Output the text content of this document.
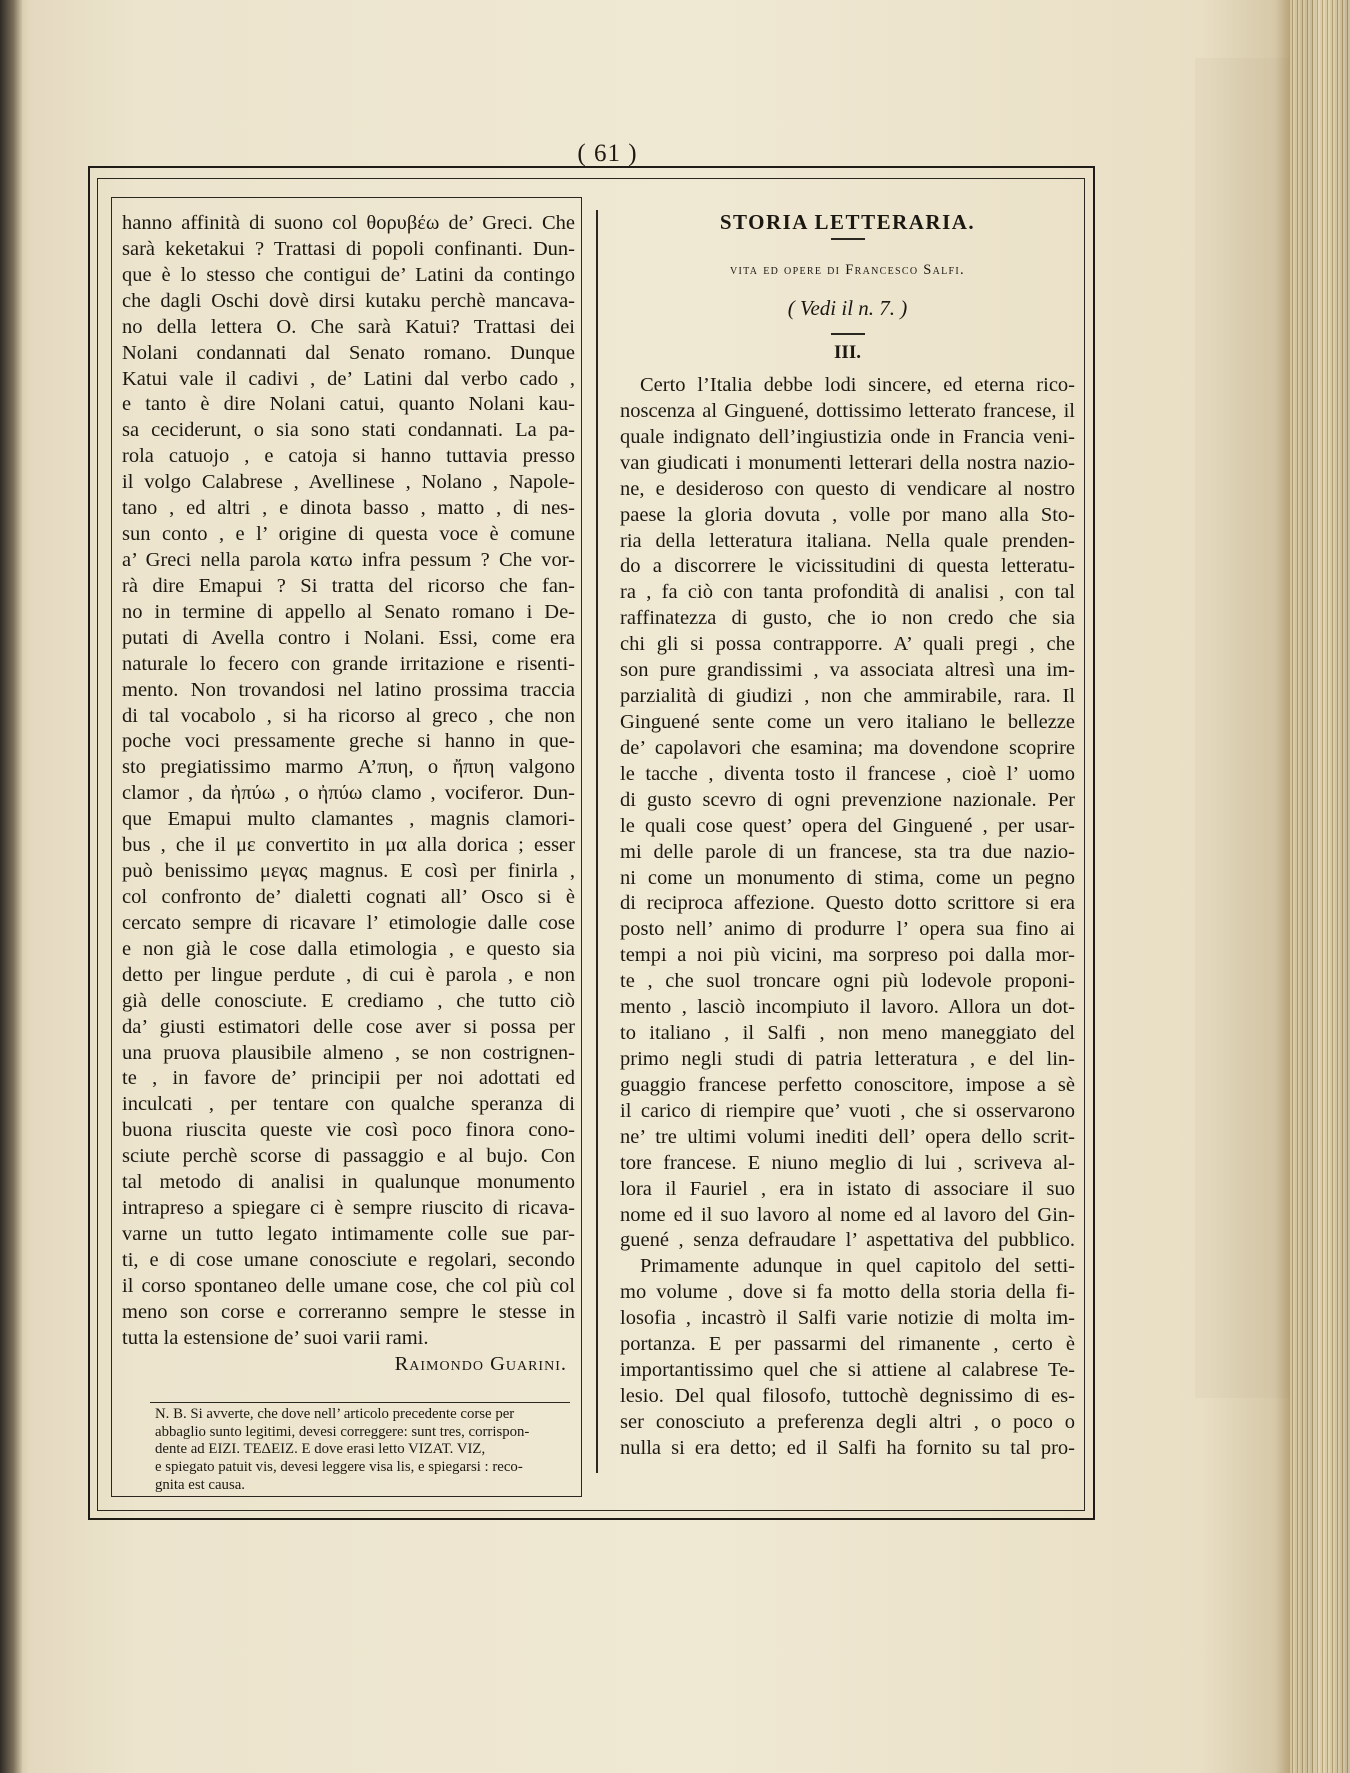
( 61 )
hanno affinità di suono col θορυβέω de’ Greci. Che
sarà keketakui ? Trattasi di popoli confinanti. Dun-
que è lo stesso che contigui de’ Latini da contingo
che dagli Oschi dovè dirsi kutaku perchè mancava-
no della lettera O. Che sarà Katui? Trattasi dei
Nolani condannati dal Senato romano. Dunque
Katui vale il cadivi , de’ Latini dal verbo cado ,
e tanto è dire Nolani catui, quanto Nolani kau-
sa ceciderunt, o sia sono stati condannati. La pa-
rola catuojo , e catoja si hanno tuttavia presso
il volgo Calabrese , Avellinese , Nolano , Napole-
tano , ed altri , e dinota basso , matto , di nes-
sun conto , e l’ origine di questa voce è comune
a’ Greci nella parola κατω infra pessum ? Che vor-
rà dire Emapui ? Si tratta del ricorso che fan-
no in termine di appello al Senato romano i De-
putati di Avella contro i Nolani. Essi, come era
naturale lo fecero con grande irritazione e risenti-
mento. Non trovandosi nel latino prossima traccia
di tal vocabolo , si ha ricorso al greco , che non
poche voci pressamente greche si hanno in que-
sto pregiatissimo marmo Α’πυη, ο ἤπυη valgono
clamor , da ἠπύω , o ἠπύω clamo , vociferor. Dun-
que Emapui multo clamantes , magnis clamori-
bus , che il με convertito in μα alla dorica ; esser
può benissimo μεγας magnus. E così per finirla ,
col confronto de’ dialetti cognati all’ Osco si è
cercato sempre di ricavare l’ etimologie dalle cose
e non già le cose dalla etimologia , e questo sia
detto per lingue perdute , di cui è parola , e non
già delle conosciute. E crediamo , che tutto ciò
da’ giusti estimatori delle cose aver si possa per
una pruova plausibile almeno , se non costrignen-
te , in favore de’ principii per noi adottati ed
inculcati , per tentare con qualche speranza di
buona riuscita queste vie così poco finora cono-
sciute perchè scorse di passaggio e al bujo. Con
tal metodo di analisi in qualunque monumento
intrapreso a spiegare ci è sempre riuscito di ricava-
varne un tutto legato intimamente colle sue par-
ti, e di cose umane conosciute e regolari, secondo
il corso spontaneo delle umane cose, che col più col
meno son corse e correranno sempre le stesse in
tutta la estensione de’ suoi varii rami.
Raimondo Guarini.
N. B. Si avverte, che dove nell’ articolo precedente corse per
abbaglio sunto legitimi, devesi correggere: sunt tres, corrispon-
dente ad EIZI. TEΔEIZ. E dove erasi letto VIZAT. VIZ,
e spiegato patuit vis, devesi leggere visa lis, e spiegarsi : reco-
gnita est causa.
STORIA LETTERARIA.
vita ed opere di Francesco Salfi.
( Vedi il n. 7. )
III.
Certo l’Italia debbe lodi sincere, ed eterna rico-
noscenza al Ginguené, dottissimo letterato francese, il
quale indignato dell’ingiustizia onde in Francia veni-
van giudicati i monumenti letterari della nostra nazio-
ne, e desideroso con questo di vendicare al nostro
paese la gloria dovuta , volle por mano alla Sto-
ria della letteratura italiana. Nella quale prenden-
do a discorrere le vicissitudini di questa letteratu-
ra , fa ciò con tanta profondità di analisi , con tal
raffinatezza di gusto, che io non credo che sia
chi gli si possa contrapporre. A’ quali pregi , che
son pure grandissimi , va associata altresì una im-
parzialità di giudizi , non che ammirabile, rara. Il
Ginguené sente come un vero italiano le bellezze
de’ capolavori che esamina; ma dovendone scoprire
le tacche , diventa tosto il francese , cioè l’ uomo
di gusto scevro di ogni prevenzione nazionale. Per
le quali cose quest’ opera del Ginguené , per usar-
mi delle parole di un francese, sta tra due nazio-
ni come un monumento di stima, come un pegno
di reciproca affezione. Questo dotto scrittore si era
posto nell’ animo di produrre l’ opera sua fino ai
tempi a noi più vicini, ma sorpreso poi dalla mor-
te , che suol troncare ogni più lodevole proponi-
mento , lasciò incompiuto il lavoro. Allora un dot-
to italiano , il Salfi , non meno maneggiato del
primo negli studi di patria letteratura , e del lin-
guaggio francese perfetto conoscitore, impose a sè
il carico di riempire que’ vuoti , che si osservarono
ne’ tre ultimi volumi inediti dell’ opera dello scrit-
tore francese. E niuno meglio di lui , scriveva al-
lora il Fauriel , era in istato di associare il suo
nome ed il suo lavoro al nome ed al lavoro del Gin-
guené , senza defraudare l’ aspettativa del pubblico.
Primamente adunque in quel capitolo del setti-
mo volume , dove si fa motto della storia della fi-
losofia , incastrò il Salfi varie notizie di molta im-
portanza. E per passarmi del rimanente , certo è
importantissimo quel che si attiene al calabrese Te-
lesio. Del qual filosofo, tuttochè degnissimo di es-
ser conosciuto a preferenza degli altri , o poco o
nulla si era detto; ed il Salfi ha fornito su tal pro-
